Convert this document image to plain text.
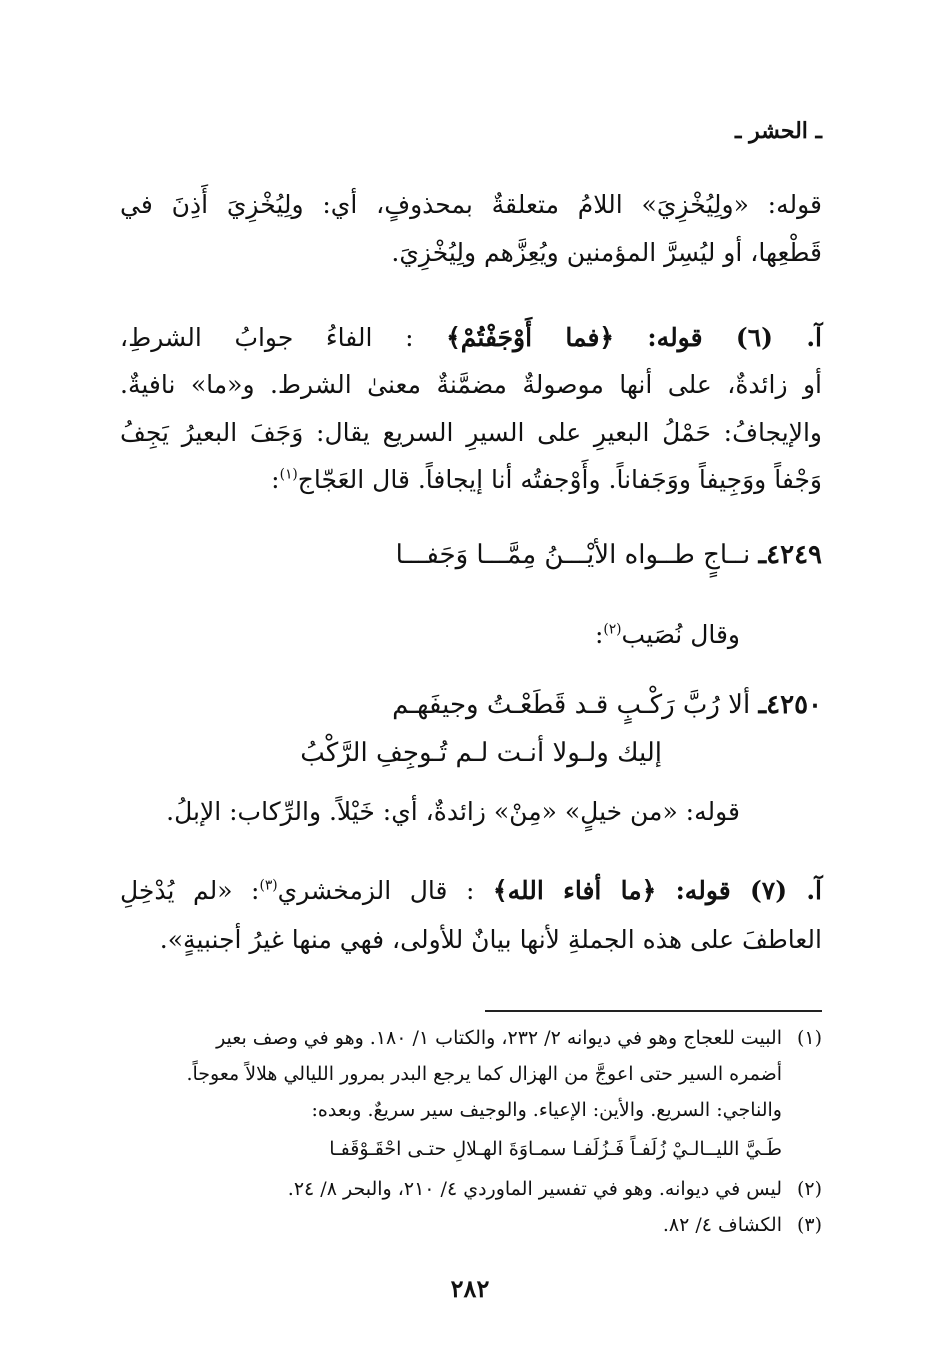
ـ الحشر ـ
قوله: «ولِيُخْزِيَ» اللامُ متعلقةٌ بمحذوفٍ، أي: ولِيُخْزِيَ أَذِنَ في
قَطْعِها، أو ليُسِرَّ المؤمنين ويُعِزَّهم ولِيُخْزِيَ.
آ. (٦) قوله: ﴿فما أَوْجَفْتُمْ﴾ : الفاءُ جوابُ الشرطِ،
أو زائدةٌ، على أنها موصولةٌ مضمَّنةٌ معنىٰ الشرط. و«ما» نافيةٌ.
والإيجافُ: حَمْلُ البعيرِ على السيرِ السريع يقال: وَجَفَ البعيرُ يَجِفُ
وَجْفاً ووَجِيفاً ووَجَفاناً. وأَوْجفتُه أنا إيجافاً. قال العَجّاج$^{(١)}$:
٤٢٤٩ـ نــاجٍ طــواه الأيْـــنُ مِمَّـــا وَجَفـــا
وقال نُصَيب$^{(٢)}$:
٤٢٥٠ـ ألا رُبَّ رَكْـبٍ قـد قَطَعْـتُ وجيفَهـم
إليك ولـولا أنـت لـم تُـوجِفِ الرَّكْبُ
قوله: «من خيلٍ» «مِنْ» زائدةٌ، أي: خَيْلاً. والرِّكاب: الإبلُ.
آ. (٧) قوله: ﴿ما أفاء الله﴾ : قال الزمخشري$^{(٣)}$: «لم يُدْخِلِ
العاطفَ على هذه الجملةِ لأنها بيانٌ للأولى، فهي منها غيرُ أجنبيةٍ».
(١)البيت للعجاج وهو في ديوانه ٢/ ٢٣٢، والكتاب ١/ ١٨٠. وهو في وصف بعير
أضمره السير حتى اعوجَّ من الهزال كما يرجع البدر بمرور الليالي هلالاً معوجاً.
والناجي: السريع. والأين: الإعياء. والوجيف سير سريعٌ. وبعده:
طَـيَّ الليــالـيْ زُلَفـاً فَـزُلَفـا سمـاوَةَ الهـلالِ حتـى احْقَـوْقَفـا
(٢)ليس في ديوانه. وهو في تفسير الماوردي ٤/ ٢١٠، والبحر ٨/ ٢٤.
(٣)الكشاف ٤/ ٨٢.
٢٨٢
